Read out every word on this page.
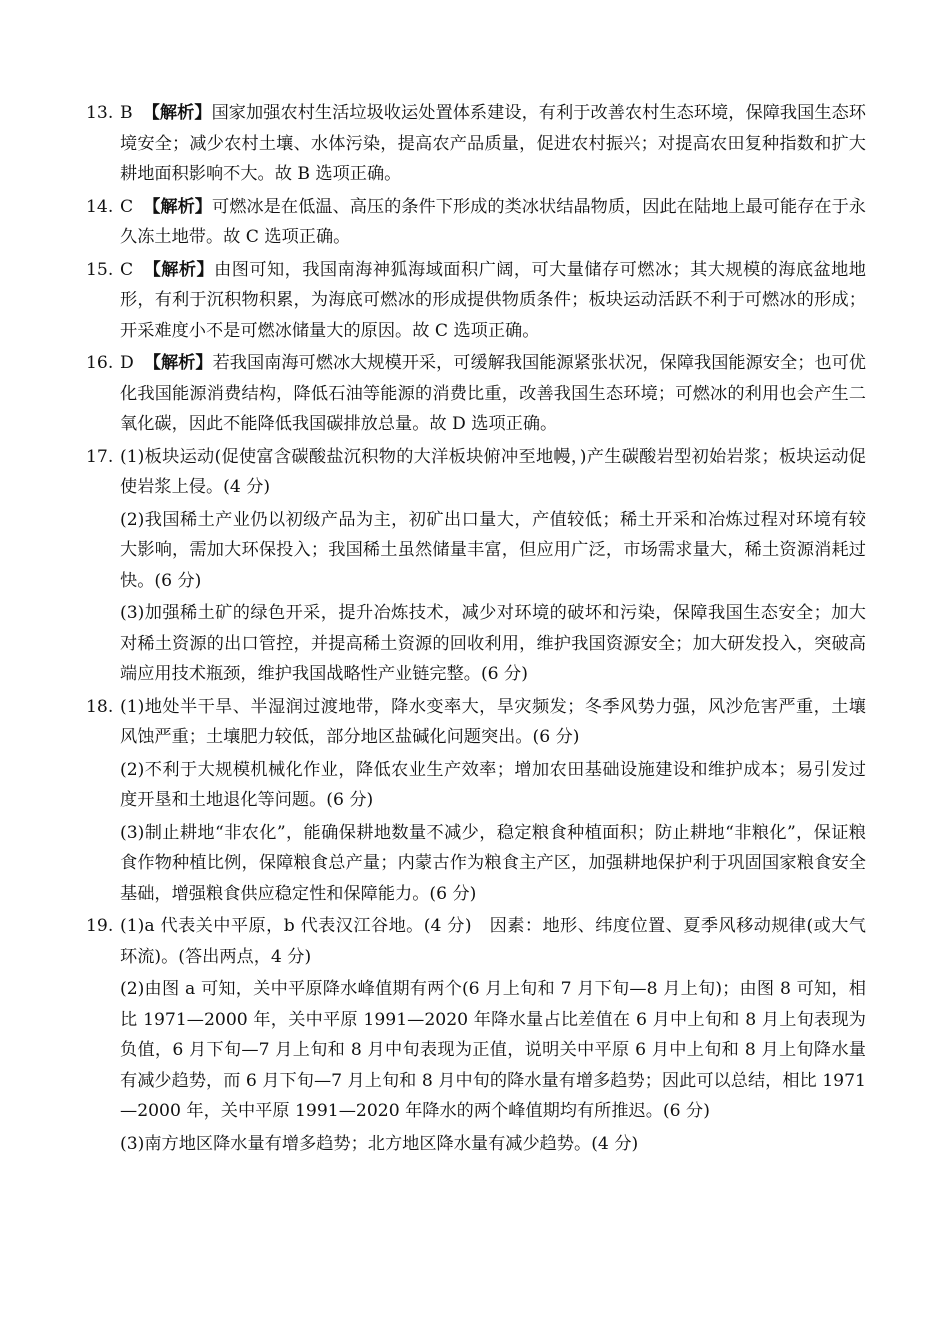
13. B 【解析】国家加强农村生活垃圾收运处置体系建设，有利于改善农村生态环境，保障我国生态环境安全；减少农村土壤、水体污染，提高农产品质量，促进农村振兴；对提高农田复种指数和扩大耕地面积影响不大。故 B 选项正确。
14. C 【解析】可燃冰是在低温、高压的条件下形成的类冰状结晶物质，因此在陆地上最可能存在于永久冻土地带。故 C 选项正确。
15. C 【解析】由图可知，我国南海神狐海域面积广阔，可大量储存可燃冰；其大规模的海底盆地地形，有利于沉积物积累，为海底可燃冰的形成提供物质条件；板块运动活跃不利于可燃冰的形成；开采难度小不是可燃冰储量大的原因。故 C 选项正确。
16. D 【解析】若我国南海可燃冰大规模开采，可缓解我国能源紧张状况，保障我国能源安全；也可优化我国能源消费结构，降低石油等能源的消费比重，改善我国生态环境；可燃冰的利用也会产生二氧化碳，因此不能降低我国碳排放总量。故 D 选项正确。
17. (1)板块运动(促使富含碳酸盐沉积物的大洋板块俯冲至地幔，)产生碳酸岩型初始岩浆；板块运动促使岩浆上侵。(4 分)
(2)我国稀土产业仍以初级产品为主，初矿出口量大，产值较低；稀土开采和冶炼过程对环境有较大影响，需加大环保投入；我国稀土虽然储量丰富，但应用广泛，市场需求量大，稀土资源消耗过快。(6 分)
(3)加强稀土矿的绿色开采，提升冶炼技术，减少对环境的破坏和污染，保障我国生态安全；加大对稀土资源的出口管控，并提高稀土资源的回收利用，维护我国资源安全；加大研发投入，突破高端应用技术瓶颈，维护我国战略性产业链完整。(6 分)
18. (1)地处半干旱、半湿润过渡地带，降水变率大，旱灾频发；冬季风势力强，风沙危害严重，土壤风蚀严重；土壤肥力较低，部分地区盐碱化问题突出。(6 分)
(2)不利于大规模机械化作业，降低农业生产效率；增加农田基础设施建设和维护成本；易引发过度开垦和土地退化等问题。(6 分)
(3)制止耕地“非农化”，能确保耕地数量不减少，稳定粮食种植面积；防止耕地“非粮化”，保证粮食作物种植比例，保障粮食总产量；内蒙古作为粮食主产区，加强耕地保护利于巩固国家粮食安全基础，增强粮食供应稳定性和保障能力。(6 分)
19. (1)a 代表关中平原，b 代表汉江谷地。(4 分)　因素：地形、纬度位置、夏季风移动规律(或大气环流)。(答出两点，4 分)
(2)由图 a 可知，关中平原降水峰值期有两个(6 月上旬和 7 月下旬—8 月上旬)；由图 8 可知，相比 1971—2000 年，关中平原 1991—2020 年降水量占比差值在 6 月中上旬和 8 月上旬表现为负值，6 月下旬—7 月上旬和 8 月中旬表现为正值，说明关中平原 6 月中上旬和 8 月上旬降水量有减少趋势，而 6 月下旬—7 月上旬和 8 月中旬的降水量有增多趋势；因此可以总结，相比 1971—2000 年，关中平原 1991—2020 年降水的两个峰值期均有所推迟。(6 分)
(3)南方地区降水量有增多趋势；北方地区降水量有减少趋势。(4 分)
